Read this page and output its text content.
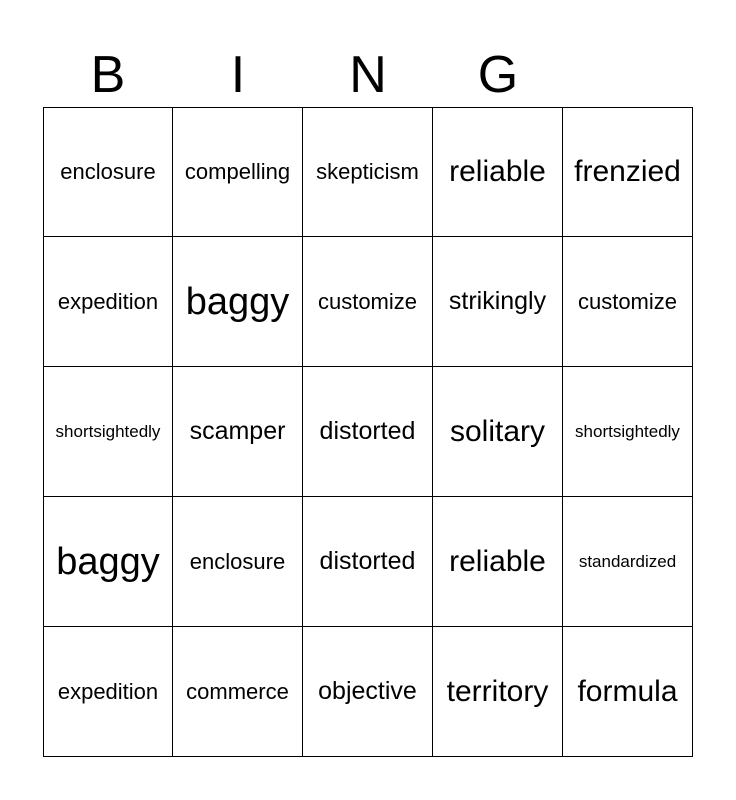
B	I	N	G
enclosure compelling skepticism reliable frenzied
expedition baggy customize strikingly customize
shortsightedly scamper distorted solitary shortsightedly
baggy enclosure distorted reliable standardized
expedition commerce objective territory formula
